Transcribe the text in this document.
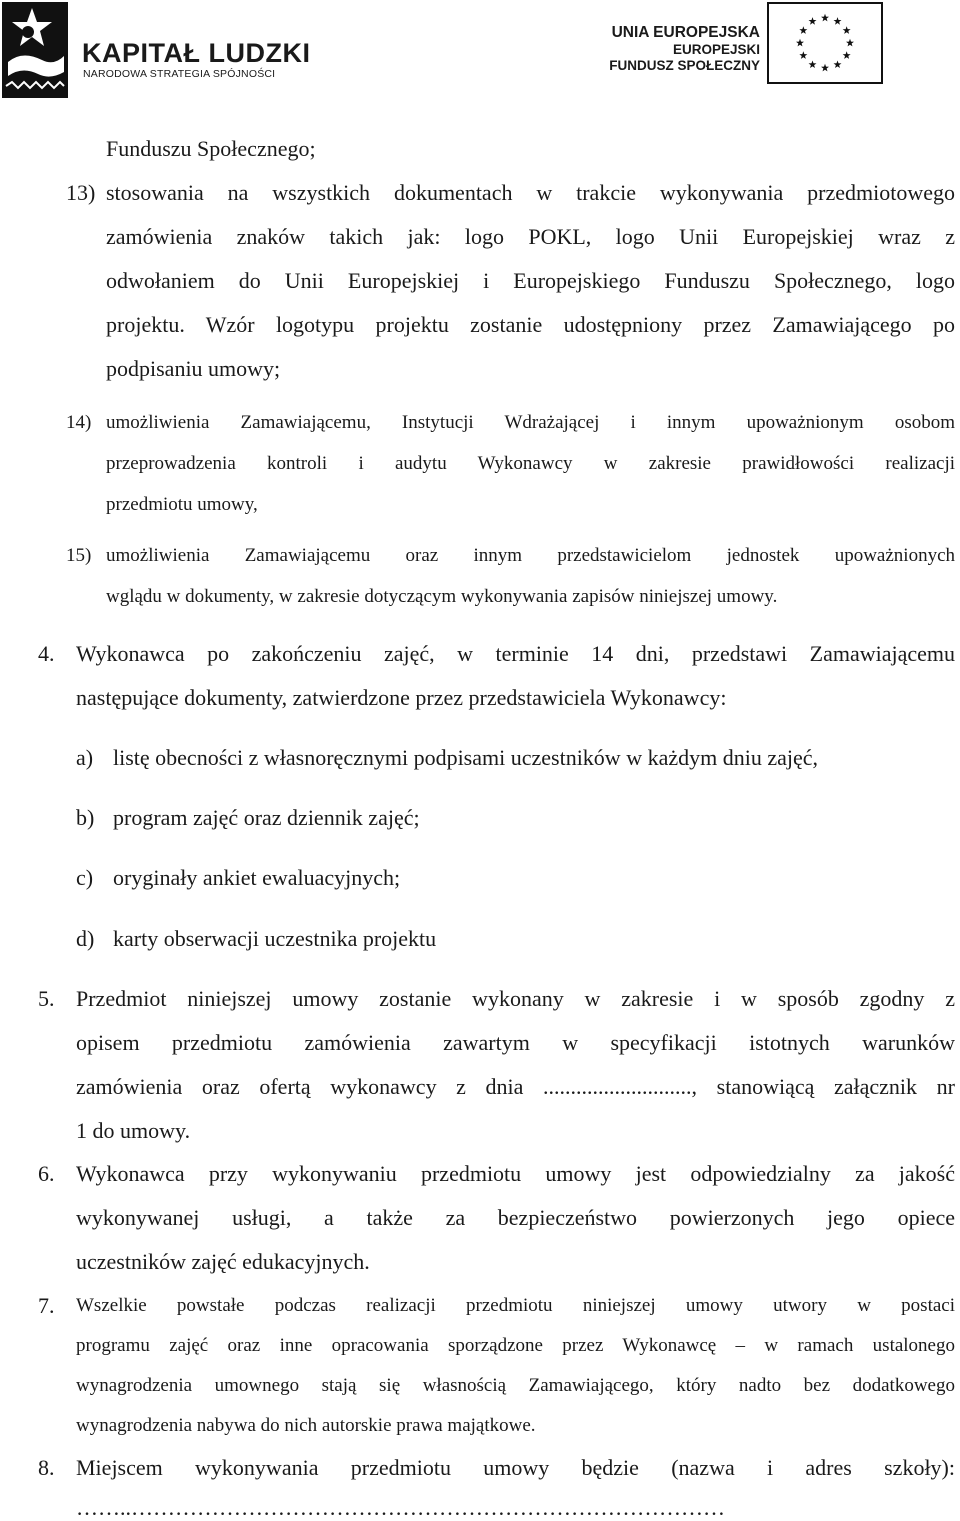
KAPITAŁ LUDZKI
NARODOWA STRATEGIA SPÓJNOŚCI
UNIA EUROPEJSKA
EUROPEJSKI
FUNDUSZ SPOŁECZNY
Funduszu Społecznego;
13) stosowania na wszystkich dokumentach w trakcie wykonywania przedmiotowego
zamówienia znaków takich jak: logo POKL, logo Unii Europejskiej wraz z
odwołaniem do Unii Europejskiej i Europejskiego Funduszu Społecznego, logo
projektu. Wzór logotypu projektu zostanie udostępniony przez Zamawiającego po
podpisaniu umowy;
14) umożliwienia Zamawiającemu, Instytucji Wdrażającej i innym upoważnionym osobom
przeprowadzenia kontroli i audytu Wykonawcy w zakresie prawidłowości realizacji
przedmiotu umowy,
15) umożliwienia Zamawiającemu oraz innym przedstawicielom jednostek upoważnionych
wglądu w dokumenty, w zakresie dotyczącym wykonywania zapisów niniejszej umowy.
4. Wykonawca po zakończeniu zajęć, w terminie 14 dni, przedstawi Zamawiającemu
następujące dokumenty, zatwierdzone przez przedstawiciela Wykonawcy:
a) listę obecności z własnoręcznymi podpisami uczestników w każdym dniu zajęć,
b) program zajęć oraz dziennik zajęć;
c) oryginały ankiet ewaluacyjnych;
d) karty obserwacji uczestnika projektu
5. Przedmiot niniejszej umowy zostanie wykonany w zakresie i w sposób zgodny z
opisem przedmiotu zamówienia zawartym w specyfikacji istotnych warunków
zamówienia oraz ofertą wykonawcy z dnia ..........................., stanowiącą załącznik nr
1 do umowy.
6. Wykonawca przy wykonywaniu przedmiotu umowy jest odpowiedzialny za jakość
wykonywanej usługi, a także za bezpieczeństwo powierzonych jego opiece
uczestników zajęć edukacyjnych.
7. Wszelkie powstałe podczas realizacji przedmiotu niniejszej umowy utwory w postaci
programu zajęć oraz inne opracowania sporządzone przez Wykonawcę – w ramach ustalonego
wynagrodzenia umownego stają się własnością Zamawiającego, który nadto bez dodatkowego
wynagrodzenia nabywa do nich autorskie prawa majątkowe.
8. Miejscem wykonywania przedmiotu umowy będzie (nazwa i adres szkoły):
……..………………………………………………………………………
